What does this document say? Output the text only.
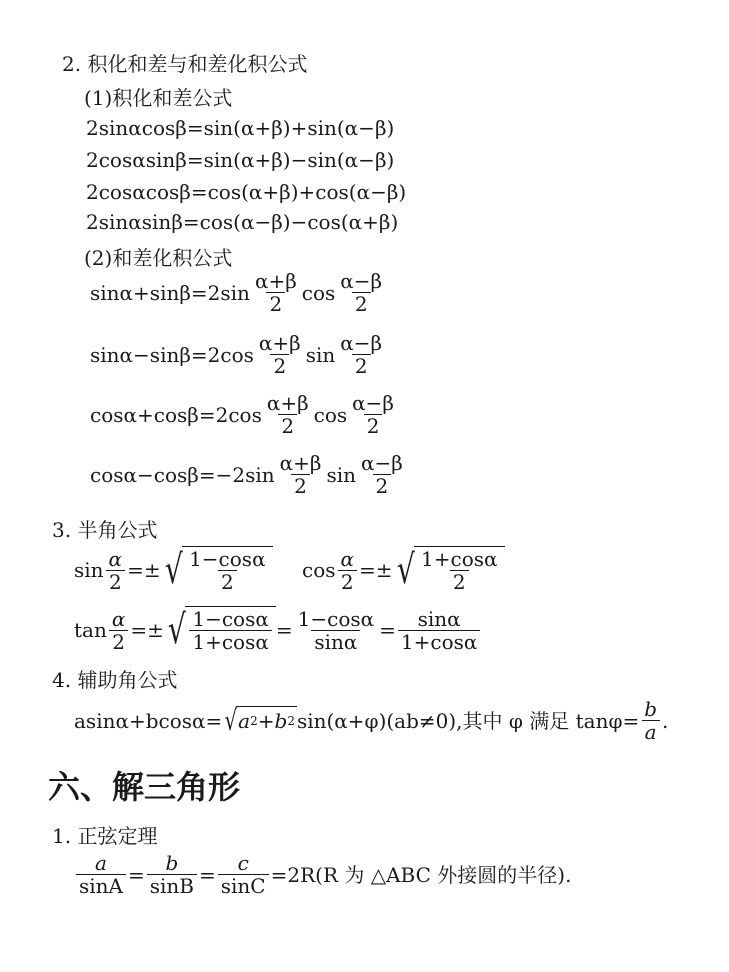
2. 积化和差与和差化积公式
(1)积化和差公式
2sinαcosβ=sin(α+β)+sin(α−β)
2cosαsinβ=sin(α+β)−sin(α−β)
2cosαcosβ=cos(α+β)+cos(α−β)
2sinαsinβ=cos(α−β)−cos(α+β)
(2)和差化积公式
$\sin\alpha+\sin\beta=2\sin \frac{\alpha+\beta}{2}$ $\cos \frac{\alpha-\beta}{2}$
$\sin\alpha-\sin\beta=2\cos \frac{\alpha+\beta}{2}$ $\sin \frac{\alpha-\beta}{2}$
$\cos\alpha+\cos\beta=2\cos \frac{\alpha+\beta}{2}$ $\cos \frac{\alpha-\beta}{2}$
$\cos\alpha-\cos\beta=-2\sin \frac{\alpha+\beta}{2}$ $\sin \frac{\alpha-\beta}{2}$
3. 半角公式
$\sin \frac{\alpha}{2}$ =± √ $\frac{1-\cos\alpha}{2}$ $\cos \frac{\alpha}{2}$ =± √ $\frac{1+\cos\alpha}{2}$
$\tan \frac{\alpha}{2}$ =± √ $\frac{1-\cos\alpha}{1+\cos\alpha} = \frac{1-\cos\alpha}{\sin\alpha} = \frac{\sin\alpha}{1+\cos\alpha}$
4. 辅助角公式
asinα+bcosα= √ a 2 + b 2 sin(α+φ)(ab≠0),其中 φ 满足 $\tan\varphi= \frac{b}{a}$ .
六、解三角形
1. 正弦定理
$\frac{a}{\sin A} = \frac{b}{\sin B} = \frac{c}{\sin C} =2R(R$ 为 △ABC 外接圆的半径).
